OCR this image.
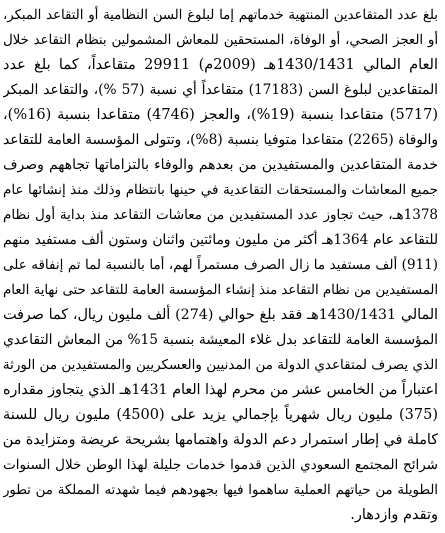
بلغ عدد المتقاعدين المنتهية خدماتهم إما لبلوغ السن النظامية أو التقاعد المبكر،
أو العجز الصحي، أو الوفاة، المستحقين للمعاش المشمولين بنظام التقاعد خلال
العام المالي 1430/1431هـ (2009م) 29911 متقاعداً، كما بلغ عدد
المتقاعدين لبلوغ السن (17183) متقاعداً أي نسبة (57 %)، والتقاعد المبكر
(5717) متقاعدا بنسبة (19%)، والعجز (4746) متقاعدا بنسبة (16%)،
والوفاة (2265) متقاعدا متوفيا بنسبة (8%)، وتتولى المؤسسة العامة للتقاعد
خدمة المتقاعدين والمستفيدين من بعدهم والوفاء بالتزاماتها تجاههم وصرف
جميع المعاشات والمستحقات التقاعدية في حينها بانتظام وذلك منذ إنشائها عام
1378هـ، حيث تجاوز عدد المستفيدين من معاشات التقاعد منذ بداية أول نظام
للتقاعد عام 1364هـ أكثر من مليون ومائتين واثنان وستون ألف مستفيد منهم
(911) ألف مستفيد ما زال الصرف مستمراً لهم، أما بالنسبة لما تم إنفاقه على
المستفيدين من نظام التقاعد منذ إنشاء المؤسسة العامة للتقاعد حتى نهاية العام
المالي 1430/1431هـ فقد بلغ حوالي (274) ألف مليون ريال، كما صرفت
المؤسسة العامة للتقاعد بدل غلاء المعيشة بنسبة 15% من المعاش التقاعدي
الذي يصرف لمتقاعدي الدولة من المدنيين والعسكريين والمستفيدين من الورثة
اعتباراً من الخامس عشر من محرم لهذا العام 1431هـ الذي يتجاوز مقداره
(375) مليون ريال شهرياً بإجمالي يزيد على (4500) مليون ريال للسنة
كاملة في إطار استمرار دعم الدولة واهتمامها بشريحة عريضة ومتزايدة من
شرائح المجتمع السعودي الذين قدموا خدمات جليلة لهذا الوطن خلال السنوات
الطويلة من حياتهم العملية ساهموا فيها بجهودهم فيما شهدته المملكة من تطور
وتقدم وازدهار.
